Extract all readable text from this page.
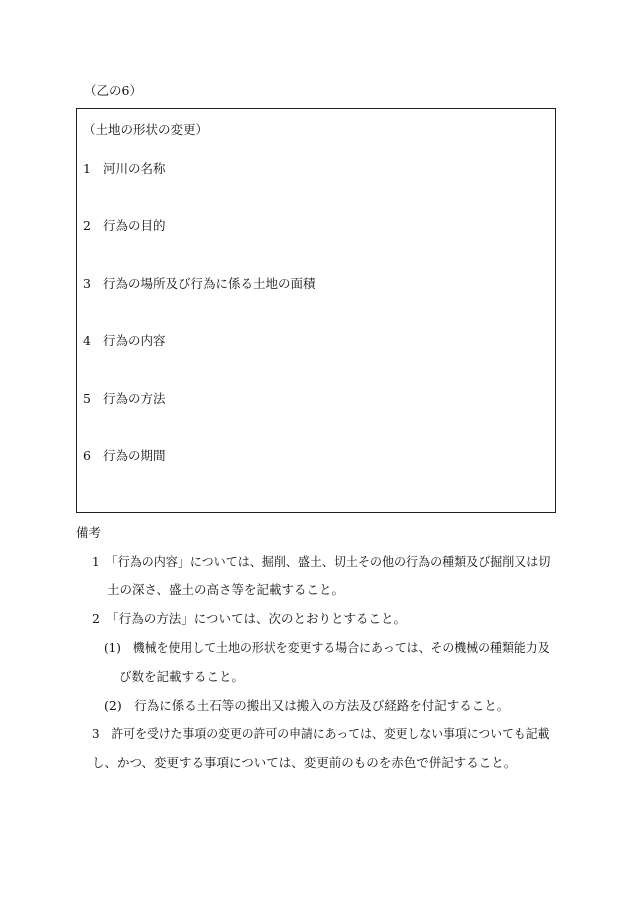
（乙の6）
（土地の形状の変更）
1 河川の名称
2 行為の目的
3 行為の場所及び行為に係る土地の面積
4 行為の内容
5 行為の方法
6 行為の期間
備考
1　「行為の内容」については、掘削、盛土、切土その他の行為の種類及び掘削又は切
土の深さ、盛土の高さ等を記載すること。
2　「行為の方法」については、次のとおりとすること。
(1)　機械を使用して土地の形状を変更する場合にあっては、その機械の種類能力及
び数を記載すること。
(2)　行為に係る土石等の搬出又は搬入の方法及び経路を付記すること。
3　許可を受けた事項の変更の許可の申請にあっては、変更しない事項についても記載
し、かつ、変更する事項については、変更前のものを赤色で併記すること。
